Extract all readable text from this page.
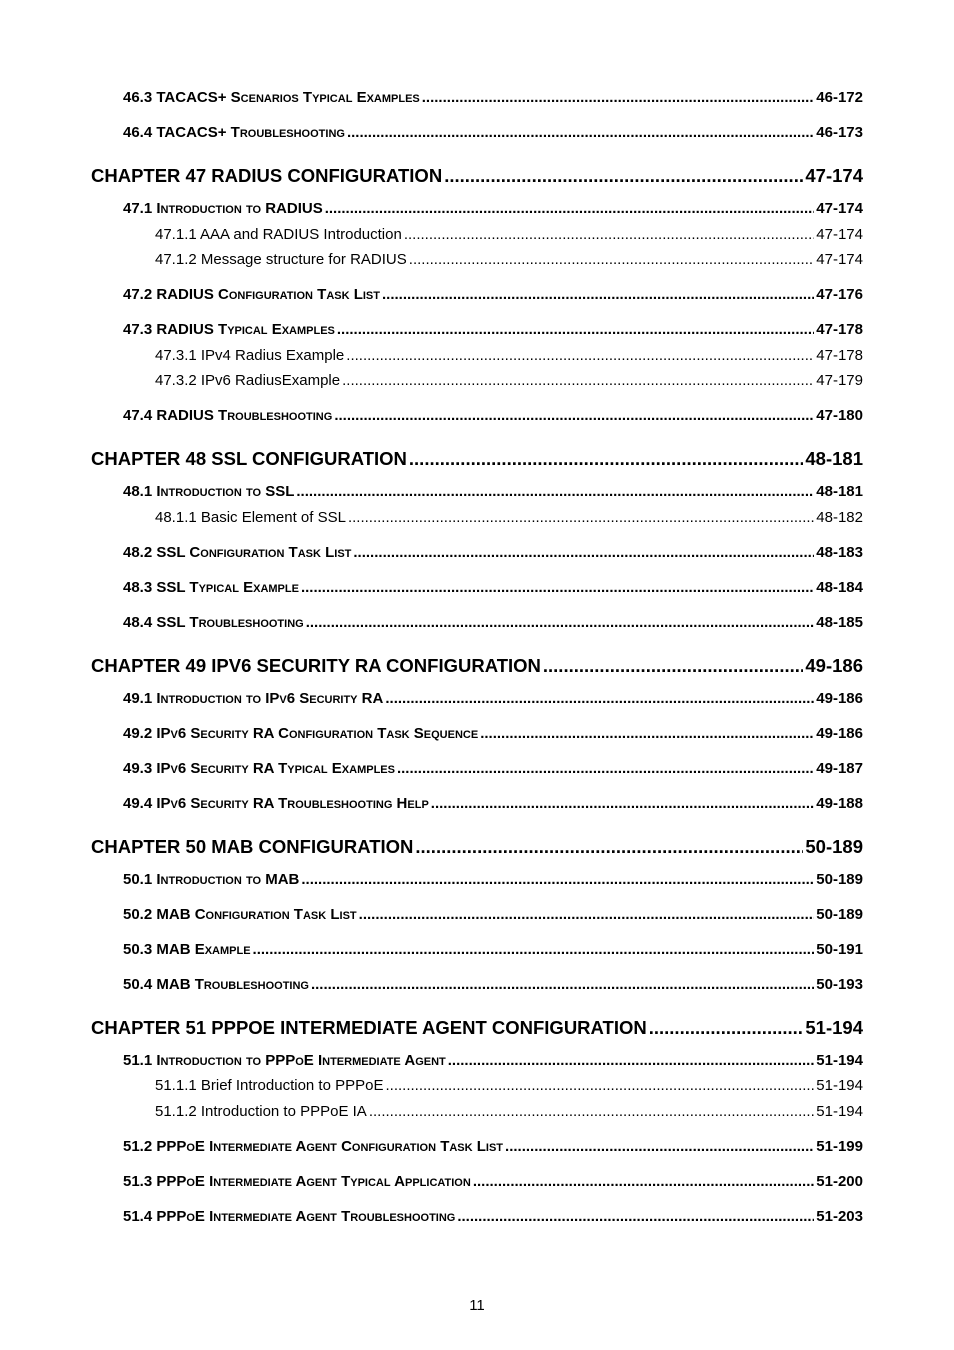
46.3 TACACS+ Scenarios Typical Examples .....	46-172
46.4 TACACS+ Troubleshooting .....	46-173
CHAPTER 47 RADIUS CONFIGURATION .....	47-174
47.1 Introduction to RADIUS .....	47-174
47.1.1 AAA and RADIUS Introduction .....	47-174
47.1.2 Message structure for RADIUS .....	47-174
47.2 RADIUS Configuration Task List .....	47-176
47.3 RADIUS Typical Examples .....	47-178
47.3.1 IPv4 Radius Example .....	47-178
47.3.2 IPv6 RadiusExample .....	47-179
47.4 RADIUS Troubleshooting .....	47-180
CHAPTER 48 SSL CONFIGURATION .....	48-181
48.1 Introduction to SSL .....	48-181
48.1.1 Basic Element of SSL .....	48-182
48.2 SSL Configuration Task List .....	48-183
48.3 SSL Typical Example .....	48-184
48.4 SSL Troubleshooting .....	48-185
CHAPTER 49 IPV6 SECURITY RA CONFIGURATION .....	49-186
49.1 Introduction to IPv6 Security RA .....	49-186
49.2 IPv6 Security RA Configuration Task Sequence .....	49-186
49.3 IPv6 Security RA Typical Examples .....	49-187
49.4 IPv6 Security RA Troubleshooting Help .....	49-188
CHAPTER 50 MAB CONFIGURATION .....	50-189
50.1 Introduction to MAB .....	50-189
50.2 MAB Configuration Task List .....	50-189
50.3 MAB Example .....	50-191
50.4 MAB Troubleshooting .....	50-193
CHAPTER 51 PPPOE INTERMEDIATE AGENT CONFIGURATION .....	51-194
51.1 Introduction to PPPoE Intermediate Agent .....	51-194
51.1.1 Brief Introduction to PPPoE .....	51-194
51.1.2 Introduction to PPPoE IA .....	51-194
51.2 PPPoE Intermediate Agent Configuration Task List .....	51-199
51.3 PPPoE Intermediate Agent Typical Application .....	51-200
51.4 PPPoE Intermediate Agent Troubleshooting .....	51-203
11
